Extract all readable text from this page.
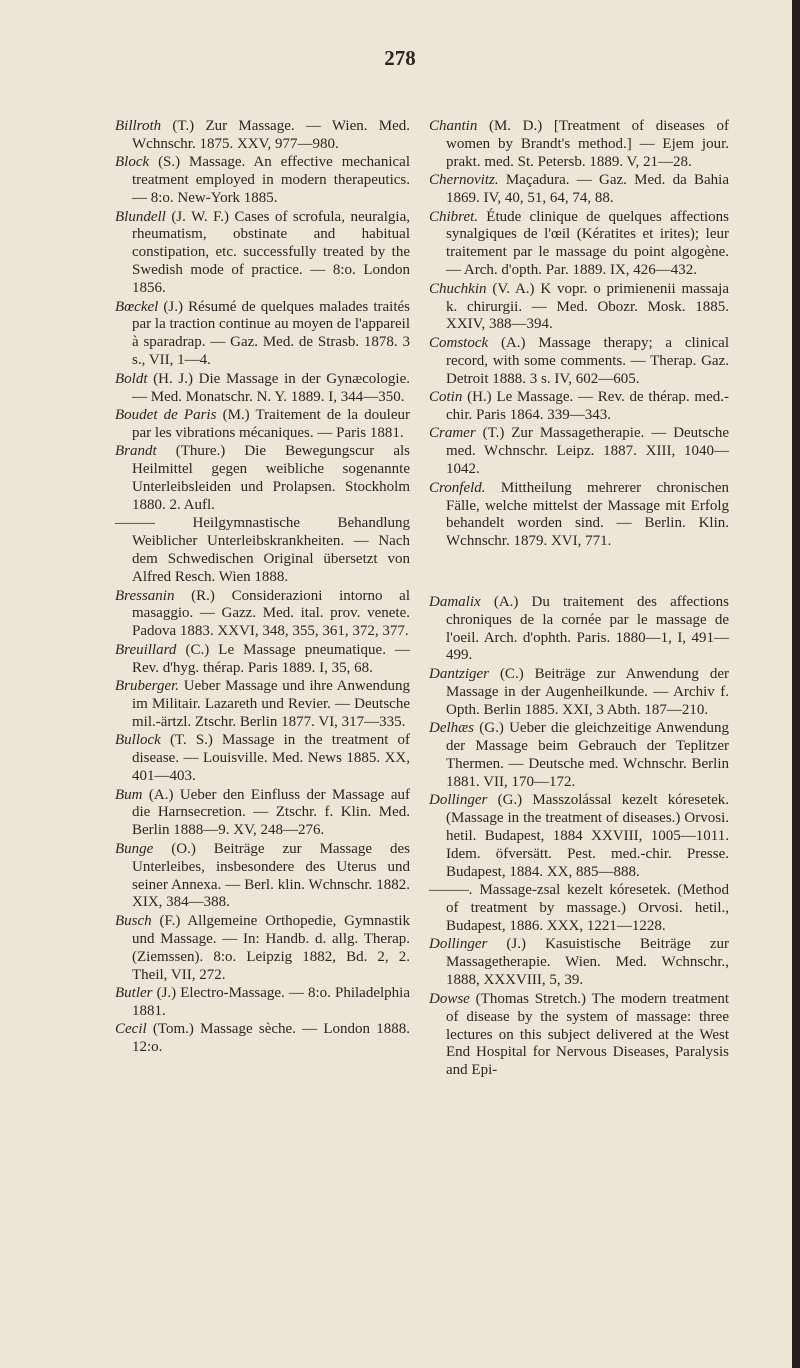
278

Billroth (T.) Zur Massage. — Wien. Med. Wchnschr. 1875. XXV, 977—980.

Block (S.) Massage. An effective mechanical treatment employed in modern therapeutics. — 8:o. New-York 1885.

Blundell (J. W. F.) Cases of scrofula, neuralgia, rheumatism, obstinate and habitual constipation, etc. successfully treated by the Swedish mode of practice. — 8:o. London 1856.

Bœckel (J.) Résumé de quelques malades traités par la traction continue au moyen de l'appareil à sparadrap. — Gaz. Med. de Strasb. 1878. 3 s., VII, 1—4.

Boldt (H. J.) Die Massage in der Gynæcologie. — Med. Monatschr. N. Y. 1889. I, 344—350.

Boudet de Paris (M.) Traitement de la douleur par les vibrations mécaniques. — Paris 1881.

Brandt (Thure.) Die Bewegungscur als Heilmittel gegen weibliche sogenannte Unterleibsleiden und Prolapsen. Stockholm 1880. 2. Aufl.

———	Heilgymnastische Behandlung Weiblicher Unterleibskrankheiten. — Nach dem Schwedischen Original übersetzt von Alfred Resch. Wien 1888.

Bressanin (R.) Considerazioni intorno al masaggio. — Gazz. Med. ital. prov. venete. Padova 1883. XXVI, 348, 355, 361, 372, 377.

Breuillard (C.) Le Massage pneumatique. — Rev. d'hyg. thérap. Paris 1889. I, 35, 68.

Bruberger. Ueber Massage und ihre Anwendung im Militair. Lazareth und Revier. — Deutsche mil.-ärtzl. Ztschr. Berlin 1877. VI, 317—335.

Bullock (T. S.) Massage in the treatment of disease. — Louisville. Med. News 1885. XX, 401—403.

Bum (A.) Ueber den Einfluss der Massage auf die Harnsecretion. — Ztschr. f. Klin. Med. Berlin 1888—9. XV, 248—276.

Bunge (O.) Beiträge zur Massage des Unterleibes, insbesondere des Uterus und seiner Annexa. — Berl. klin. Wchnschr. 1882. XIX, 384—388.

Busch (F.) Allgemeine Orthopedie, Gymnastik und Massage. — In: Handb. d. allg. Therap. (Ziemssen). 8:o. Leipzig 1882, Bd. 2, 2. Theil, VII, 272.

Butler (J.) Electro-Massage. — 8:o. Philadelphia 1881.

Cecil (Tom.) Massage sèche. — London 1888. 12:o.

Chantin (M. D.) [Treatment of diseases of women by Brandt's method.] — Ejem jour. prakt. med. St. Petersb. 1889. V, 21—28.

Chernovitz. Maçadura. — Gaz. Med. da Bahia 1869. IV, 40, 51, 64, 74, 88.

Chibret. Étude clinique de quelques affections synalgiques de l'œil (Kératites et irites); leur traitement par le massage du point algogène. — Arch. d'opth. Par. 1889. IX, 426—432.

Chuchkin (V. A.) K vopr. o primienenii massaja k. chirurgii. — Med. Obozr. Mosk. 1885. XXIV, 388—394.

Comstock (A.) Massage therapy; a clinical record, with some comments. — Therap. Gaz. Detroit 1888. 3 s. IV, 602—605.

Cotin (H.) Le Massage. — Rev. de thérap. med.-chir. Paris 1864. 339—343.

Cramer (T.) Zur Massagetherapie. — Deutsche med. Wchnschr. Leipz. 1887. XIII, 1040—1042.

Cronfeld. Mittheilung mehrerer chronischen Fälle, welche mittelst der Massage mit Erfolg behandelt worden sind. — Berlin. Klin. Wchnschr. 1879. XVI, 771.

Damalix (A.) Du traitement des affections chroniques de la cornée par le massage de l'oeil. Arch. d'ophth. Paris. 1880—1, I, 491—499.

Dantziger (C.) Beiträge zur Anwendung der Massage in der Augenheilkunde. — Archiv f. Opth. Berlin 1885. XXI, 3 Abth. 187—210.

Delhæs (G.) Ueber die gleichzeitige Anwendung der Massage beim Gebrauch der Teplitzer Thermen. — Deutsche med. Wchnschr. Berlin 1881. VII, 170—172.

Dollinger (G.) Masszolással kezelt kóresetek. (Massage in the treatment of diseases.) Orvosi. hetil. Budapest, 1884 XXVIII, 1005—1011. Idem. öfversätt. Pest. med.-chir. Presse. Budapest, 1884. XX, 885—888.

———. Massage-zsal kezelt kóresetek. (Method of treatment by massage.) Orvosi. hetil., Budapest, 1886. XXX, 1221—1228.

Dollinger (J.) Kasuistische Beiträge zur Massagetherapie. Wien. Med. Wchnschr., 1888, XXXVIII, 5, 39.

Dowse (Thomas Stretch.) The modern treatment of disease by the system of massage: three lectures on this subject delivered at the West End Hospital for Nervous Diseases, Paralysis and Epi-
